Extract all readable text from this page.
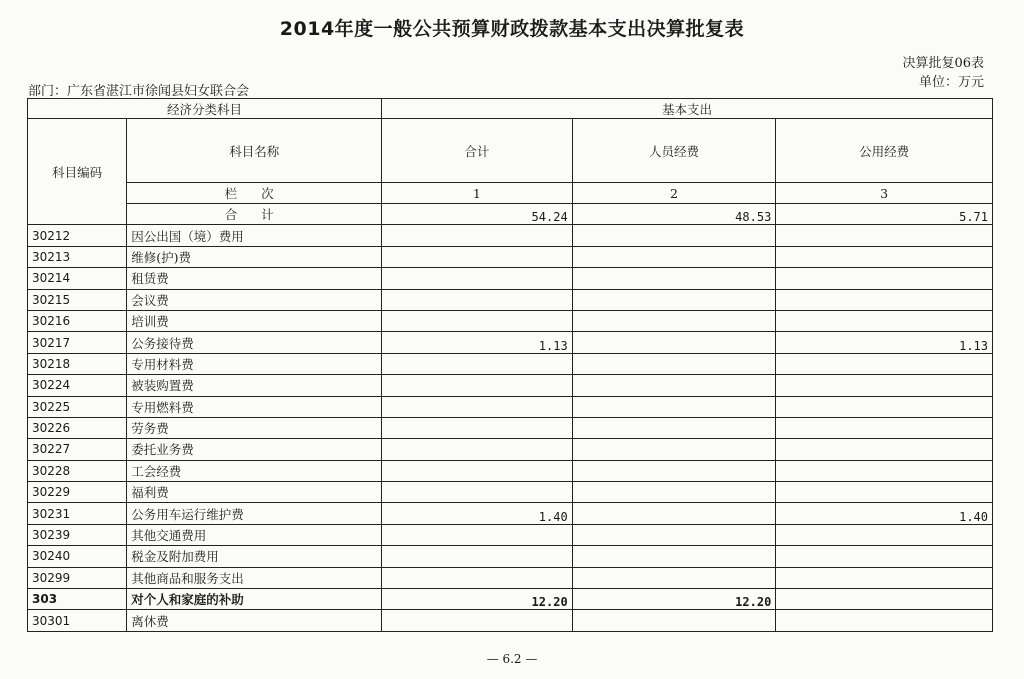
2014年度一般公共预算财政拨款基本支出决算批复表
决算批复06表
单位：万元
部门：广东省湛江市徐闻县妇女联合会
经济分类科目		基本支出		
科目编码	科目名称	合计	人员经费	公用经费
	栏 次	1	2	3
	合 计	54.24	48.53	5.71
30212	因公出国（境）费用			
30213	维修(护)费			
30214	租赁费			
30215	会议费			
30216	培训费			
30217	公务接待费	1.13		1.13
30218	专用材料费			
30224	被装购置费			
30225	专用燃料费			
30226	劳务费			
30227	委托业务费			
30228	工会经费			
30229	福利费			
30231	公务用车运行维护费	1.40		1.40
30239	其他交通费用			
30240	税金及附加费用			
30299	其他商品和服务支出			
303	对个人和家庭的补助	12.20	12.20	
30301	离休费			
— 6.2 —
